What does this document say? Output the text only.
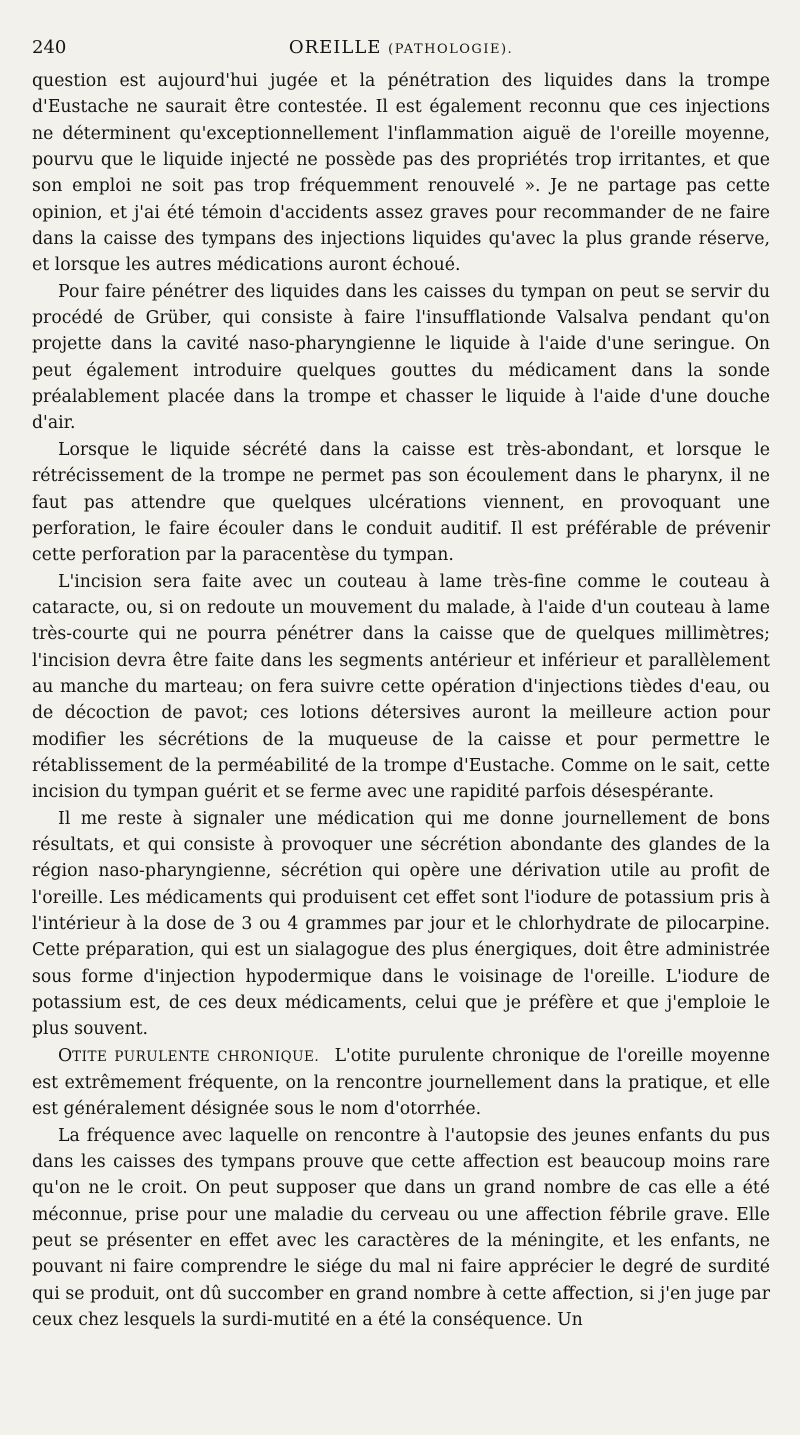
240	OREILLE (PATHOLOGIE).

question est aujourd'hui jugée et la pénétration des liquides dans la trompe d'Eustache ne saurait être contestée. Il est également reconnu que ces injections ne déterminent qu'exceptionnellement l'inflammation aiguë de l'oreille moyenne, pourvu que le liquide injecté ne possède pas des propriétés trop irritantes, et que son emploi ne soit pas trop fréquemment renouvelé ». Je ne partage pas cette opinion, et j'ai été témoin d'accidents assez graves pour recommander de ne faire dans la caisse des tympans des injections liquides qu'avec la plus grande réserve, et lorsque les autres médications auront échoué.

Pour faire pénétrer des liquides dans les caisses du tympan on peut se servir du procédé de Grüber, qui consiste à faire l'insufflationde Valsalva pendant qu'on projette dans la cavité naso-pharyngienne le liquide à l'aide d'une seringue. On peut également introduire quelques gouttes du médicament dans la sonde préalablement placée dans la trompe et chasser le liquide à l'aide d'une douche d'air.

Lorsque le liquide sécrété dans la caisse est très-abondant, et lorsque le rétrécissement de la trompe ne permet pas son écoulement dans le pharynx, il ne faut pas attendre que quelques ulcérations viennent, en provoquant une perforation, le faire écouler dans le conduit auditif. Il est préférable de prévenir cette perforation par la paracentèse du tympan.

L'incision sera faite avec un couteau à lame très-fine comme le couteau à cataracte, ou, si on redoute un mouvement du malade, à l'aide d'un couteau à lame très-courte qui ne pourra pénétrer dans la caisse que de quelques millimètres; l'incision devra être faite dans les segments antérieur et inférieur et parallèlement au manche du marteau; on fera suivre cette opération d'injections tièdes d'eau, ou de décoction de pavot; ces lotions détersives auront la meilleure action pour modifier les sécrétions de la muqueuse de la caisse et pour permettre le rétablissement de la perméabilité de la trompe d'Eustache. Comme on le sait, cette incision du tympan guérit et se ferme avec une rapidité parfois désespérante.

Il me reste à signaler une médication qui me donne journellement de bons résultats, et qui consiste à provoquer une sécrétion abondante des glandes de la région naso-pharyngienne, sécrétion qui opère une dérivation utile au profit de l'oreille. Les médicaments qui produisent cet effet sont l'iodure de potassium pris à l'intérieur à la dose de 3 ou 4 grammes par jour et le chlorhydrate de pilocarpine. Cette préparation, qui est un sialagogue des plus énergiques, doit être administrée sous forme d'injection hypodermique dans le voisinage de l'oreille. L'iodure de potassium est, de ces deux médicaments, celui que je préfère et que j'emploie le plus souvent.

OTITE PURULENTE CHRONIQUE. L'otite purulente chronique de l'oreille moyenne est extrêmement fréquente, on la rencontre journellement dans la pratique, et elle est généralement désignée sous le nom d'otorrhée.

La fréquence avec laquelle on rencontre à l'autopsie des jeunes enfants du pus dans les caisses des tympans prouve que cette affection est beaucoup moins rare qu'on ne le croit. On peut supposer que dans un grand nombre de cas elle a été méconnue, prise pour une maladie du cerveau ou une affection fébrile grave. Elle peut se présenter en effet avec les caractères de la méningite, et les enfants, ne pouvant ni faire comprendre le siége du mal ni faire apprécier le degré de surdité qui se produit, ont dû succomber en grand nombre à cette affection, si j'en juge par ceux chez lesquels la surdi-mutité en a été la conséquence. Un
